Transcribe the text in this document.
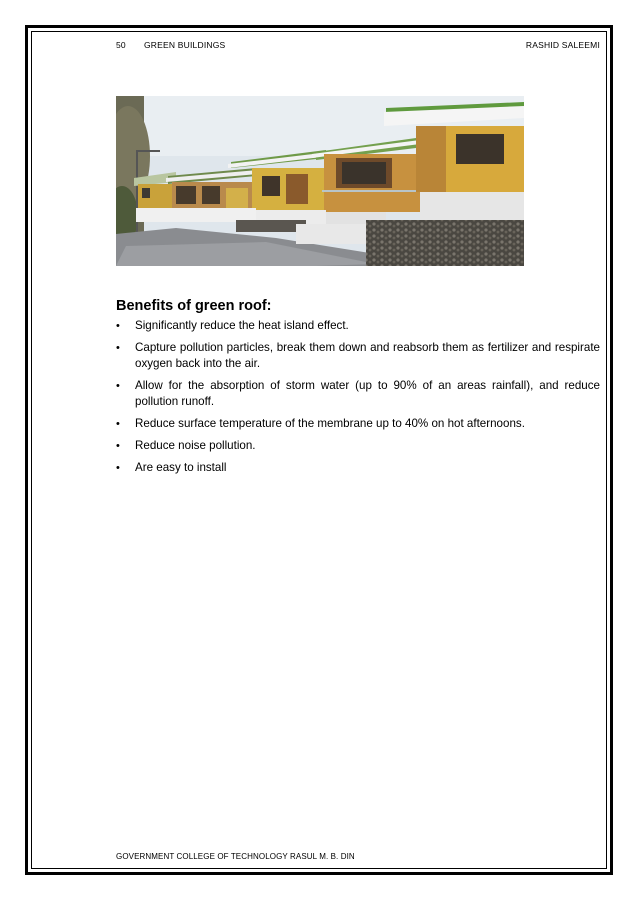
50 GREEN BUILDINGS	RASHID SALEEMI
Benefits of green roof:
• Significantly reduce the heat island effect.
• Capture pollution particles, break them down and reabsorb them as fertilizer and respirate oxygen back into the air.
• Allow for the absorption of storm water (up to 90% of an areas rainfall), and reduce pollution runoff.
• Reduce surface temperature of the membrane up to 40% on hot afternoons.
• Reduce noise pollution.
• Are easy to install
GOVERNMENT COLLEGE OF TECHNOLOGY RASUL M. B. DIN
